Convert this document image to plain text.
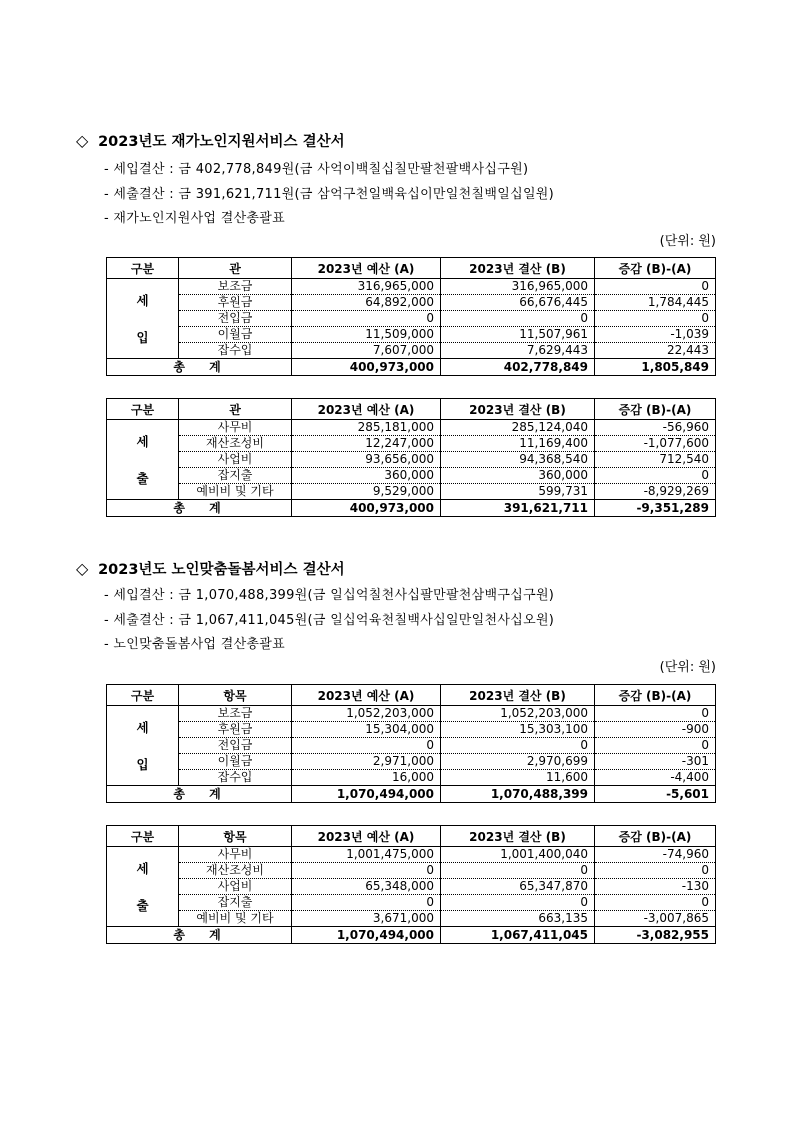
◇ 2023년도 재가노인지원서비스 결산서
- 세입결산 : 금 402,778,849원(금 사억이백칠십칠만팔천팔백사십구원)
- 세출결산 : 금 391,621,711원(금 삼억구천일백육십이만일천칠백일십일원)
- 재가노인지원사업 결산총괄표
(단위: 원)
구분	관	2023년 예산 (A)	2023년 결산 (B)	증감 (B)-(A)

세
입	보조금	316,965,000	316,965,000	0
	후원금	64,892,000	66,676,445	1,784,445
	전입금	0	0	0
	이월금	11,509,000	11,507,961	-1,039
	잡수입	7,607,000	7,629,443	22,443
총 계		400,973,000	402,778,849	1,805,849
구분	관	2023년 예산 (A)	2023년 결산 (B)	증감 (B)-(A)

세
출	사무비	285,181,000	285,124,040	-56,960
	재산조성비	12,247,000	11,169,400	-1,077,600
	사업비	93,656,000	94,368,540	712,540
	잡지출	360,000	360,000	0
	예비비 및 기타	9,529,000	599,731	-8,929,269
총 계		400,973,000	391,621,711	-9,351,289
◇ 2023년도 노인맞춤돌봄서비스 결산서
- 세입결산 : 금 1,070,488,399원(금 일십억칠천사십팔만팔천삼백구십구원)
- 세출결산 : 금 1,067,411,045원(금 일십억육천칠백사십일만일천사십오원)
- 노인맞춤돌봄사업 결산총괄표
(단위: 원)
구분	항목	2023년 예산 (A)	2023년 결산 (B)	증감 (B)-(A)

세
입	보조금	1,052,203,000	1,052,203,000	0
	후원금	15,304,000	15,303,100	-900
	전입금	0	0	0
	이월금	2,971,000	2,970,699	-301
	잡수입	16,000	11,600	-4,400
총 계		1,070,494,000	1,070,488,399	-5,601
구분	항목	2023년 예산 (A)	2023년 결산 (B)	증감 (B)-(A)

세
출	사무비	1,001,475,000	1,001,400,040	-74,960
	재산조성비	0	0	0
	사업비	65,348,000	65,347,870	-130
	잡지출	0	0	0
	예비비 및 기타	3,671,000	663,135	-3,007,865
총 계		1,070,494,000	1,067,411,045	-3,082,955
